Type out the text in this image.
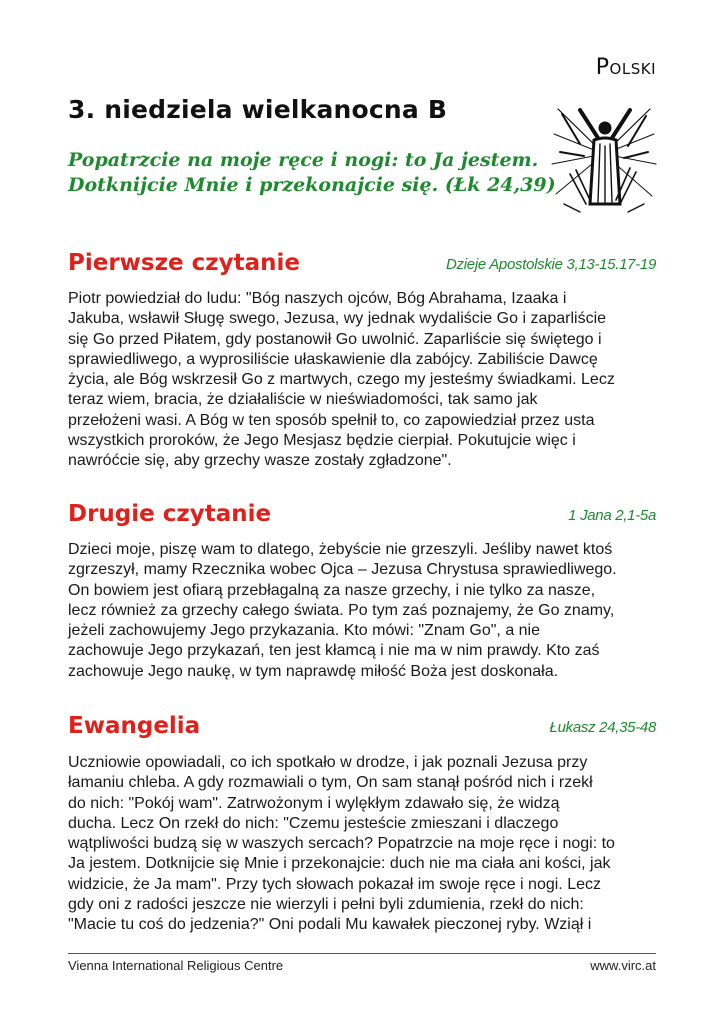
Polski
3. niedziela wielkanocna B
Popatrzcie na moje ręce i nogi: to Ja jestem.
Dotknijcie Mnie i przekonajcie się. (Łk 24,39)
Pierwsze czytanie	Dzieje Apostolskie 3,13-15.17-19
Piotr powiedział do ludu: "Bóg naszych ojców, Bóg Abrahama, Izaaka i
Jakuba, wsławił Sługę swego, Jezusa, wy jednak wydaliście Go i zaparliście
się Go przed Piłatem, gdy postanowił Go uwolnić. Zaparliście się świętego i
sprawiedliwego, a wyprosiliście ułaskawienie dla zabójcy. Zabiliście Dawcę
życia, ale Bóg wskrzesił Go z martwych, czego my jesteśmy świadkami. Lecz
teraz wiem, bracia, że działaliście w nieświadomości, tak samo jak
przełożeni wasi. A Bóg w ten sposób spełnił to, co zapowiedział przez usta
wszystkich proroków, że Jego Mesjasz będzie cierpiał. Pokutujcie więc i
nawróćcie się, aby grzechy wasze zostały zgładzone".
Drugie czytanie	1 Jana 2,1-5a
Dzieci moje, piszę wam to dlatego, żebyście nie grzeszyli. Jeśliby nawet ktoś
zgrzeszył, mamy Rzecznika wobec Ojca – Jezusa Chrystusa sprawiedliwego.
On bowiem jest ofiarą przebłagalną za nasze grzechy, i nie tylko za nasze,
lecz również za grzechy całego świata. Po tym zaś poznajemy, że Go znamy,
jeżeli zachowujemy Jego przykazania. Kto mówi: "Znam Go", a nie
zachowuje Jego przykazań, ten jest kłamcą i nie ma w nim prawdy. Kto zaś
zachowuje Jego naukę, w tym naprawdę miłość Boża jest doskonała.
Ewangelia	Łukasz 24,35-48
Uczniowie opowiadali, co ich spotkało w drodze, i jak poznali Jezusa przy
łamaniu chleba. A gdy rozmawiali o tym, On sam stanął pośród nich i rzekł
do nich: "Pokój wam". Zatrwożonym i wylękłym zdawało się, że widzą
ducha. Lecz On rzekł do nich: "Czemu jesteście zmieszani i dlaczego
wątpliwości budzą się w waszych sercach? Popatrzcie na moje ręce i nogi: to
Ja jestem. Dotknijcie się Mnie i przekonajcie: duch nie ma ciała ani kości, jak
widzicie, że Ja mam". Przy tych słowach pokazał im swoje ręce i nogi. Lecz
gdy oni z radości jeszcze nie wierzyli i pełni byli zdumienia, rzekł do nich:
"Macie tu coś do jedzenia?" Oni podali Mu kawałek pieczonej ryby. Wziął i
Vienna International Religious Centre	www.virc.at
